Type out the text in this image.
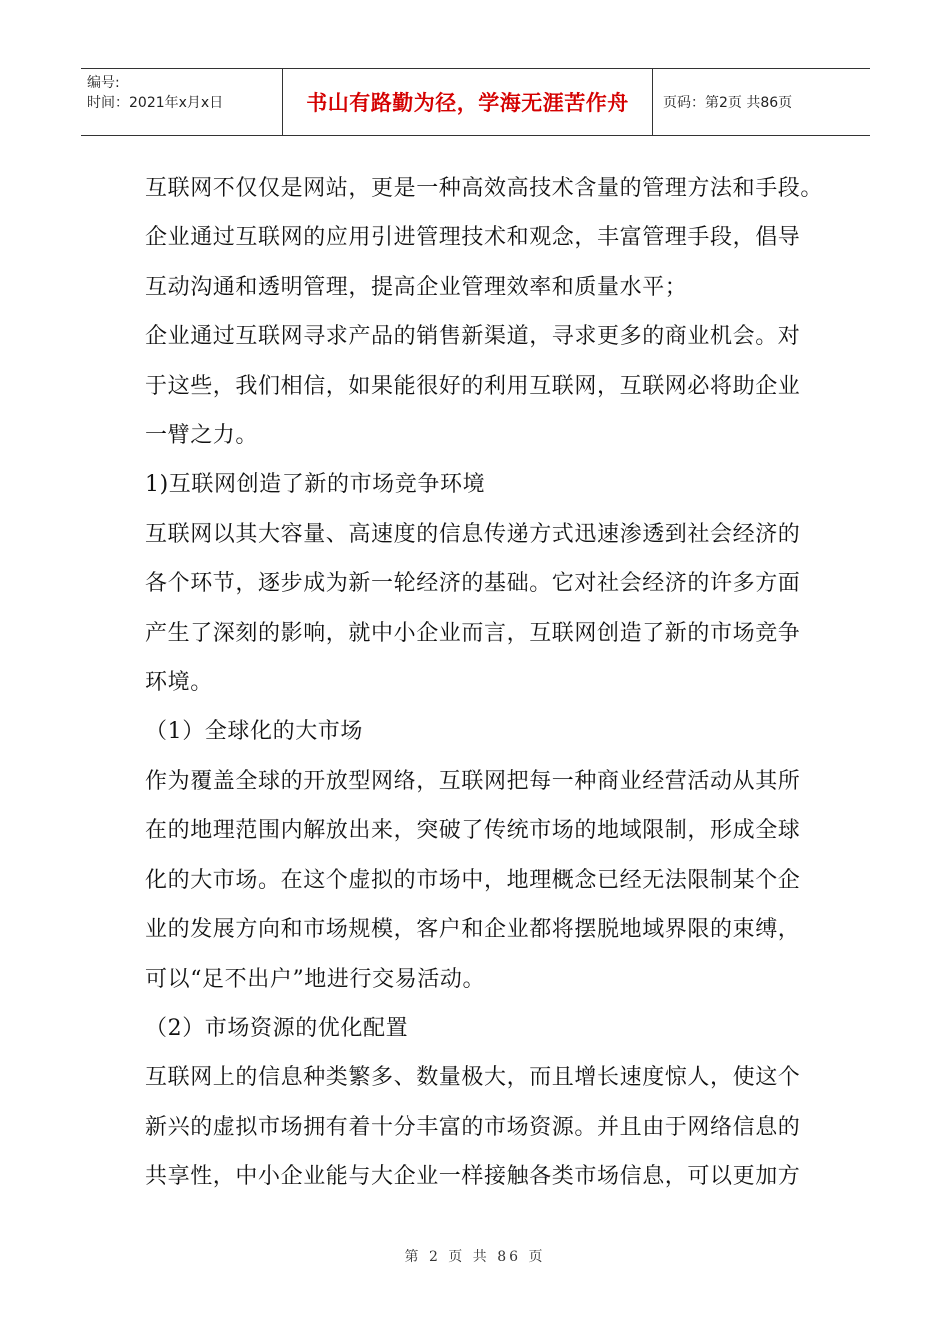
编号:
时间：2021年x月x日	书山有路勤为径，学海无涯苦作舟 页码：第2页 共86页

互联网不仅仅是网站，更是一种高效高技术含量的管理方法和手段。

企业通过互联网的应用引进管理技术和观念，丰富管理手段，倡导

互动沟通和透明管理，提高企业管理效率和质量水平；

企业通过互联网寻求产品的销售新渠道，寻求更多的商业机会。对

于这些，我们相信，如果能很好的利用互联网，互联网必将助企业

一臂之力。

1)互联网创造了新的市场竞争环境

互联网以其大容量、高速度的信息传递方式迅速渗透到社会经济的

各个环节，逐步成为新一轮经济的基础。它对社会经济的许多方面

产生了深刻的影响，就中小企业而言，互联网创造了新的市场竞争

环境。

（1）全球化的大市场

作为覆盖全球的开放型网络，互联网把每一种商业经营活动从其所

在的地理范围内解放出来，突破了传统市场的地域限制，形成全球

化的大市场。在这个虚拟的市场中，地理概念已经无法限制某个企

业的发展方向和市场规模，客户和企业都将摆脱地域界限的束缚，

可以“足不出户”地进行交易活动。

（2）市场资源的优化配置

互联网上的信息种类繁多、数量极大，而且增长速度惊人，使这个

新兴的虚拟市场拥有着十分丰富的市场资源。并且由于网络信息的

共享性，中小企业能与大企业一样接触各类市场信息，可以更加方

第 2 页 共 86 页
